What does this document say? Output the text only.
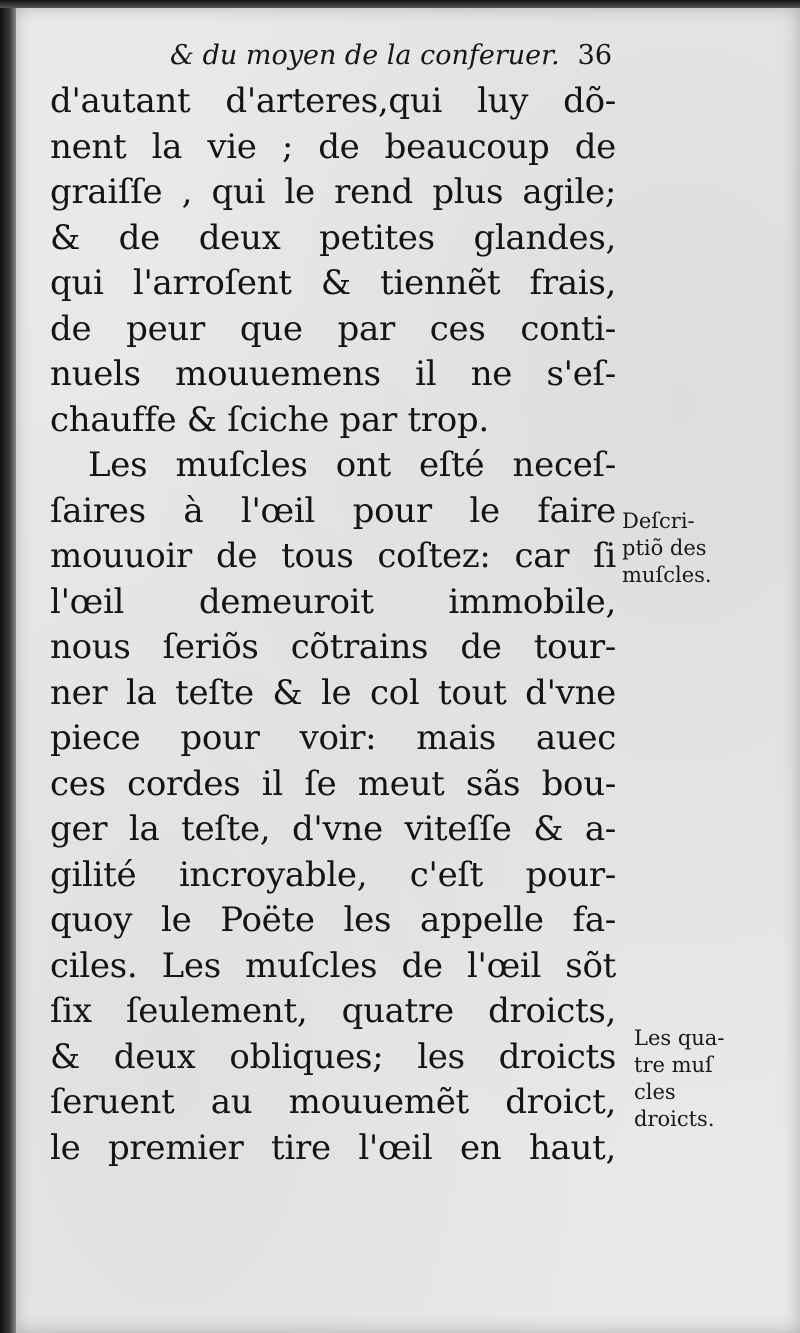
& du moyen de la conferuer. 36
d'autant d'arteres,qui luy dõ-
nent la vie ; de beaucoup de
graiſſe , qui le rend plus agile;
& de deux petites glandes,
qui l'arroſent & tiennẽt frais,
de peur que par ces conti-
nuels mouuemens il ne s'eſ-
chauffe & ſciche par trop.
Les muſcles ont eſté neceſ-
ſaires à l'œil pour le faire
mouuoir de tous coſtez: car ſi
l'œil demeuroit immobile,
nous ſeriõs cõtrains de tour-
ner la teſte & le col tout d'vne
piece pour voir: mais auec
ces cordes il ſe meut sãs bou-
ger la teſte, d'vne viteſſe & a-
gilité incroyable, c'eſt pour-
quoy le Poëte les appelle fa-
ciles. Les muſcles de l'œil sõt
ſix ſeulement, quatre droicts,
& deux obliques; les droicts
ſeruent au mouuemẽt droict,
le premier tire l'œil en haut,
Deſcri-
ptiõ des
muſcles.
Les qua-
tre muſ
cles
droicts.
